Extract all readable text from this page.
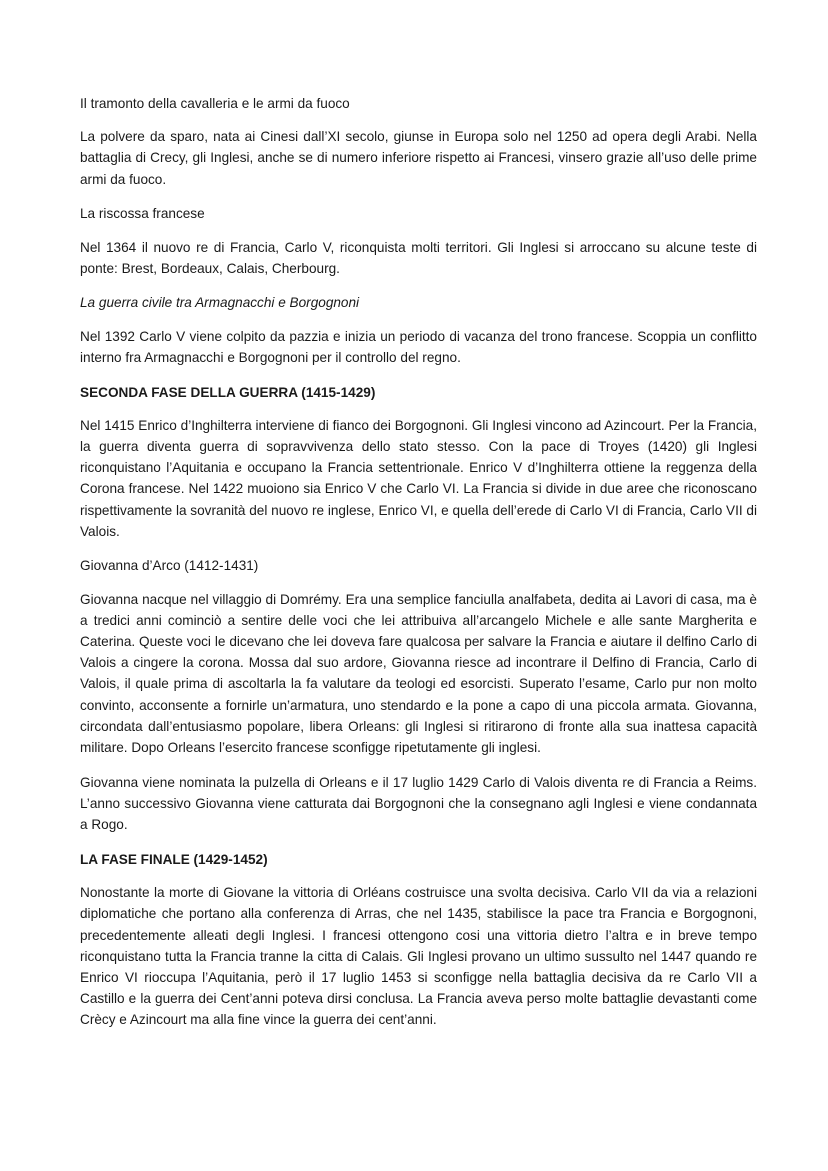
Il tramonto della cavalleria e le armi da fuoco

La polvere da sparo, nata ai Cinesi dall’XI secolo, giunse in Europa solo nel 1250 ad opera degli Arabi. Nella battaglia di Crecy, gli Inglesi, anche se di numero inferiore rispetto ai Francesi, vinsero grazie all’uso delle prime armi da fuoco.

La riscossa francese

Nel 1364 il nuovo re di Francia, Carlo V, riconquista molti territori. Gli Inglesi si arroccano su alcune teste di ponte: Brest, Bordeaux, Calais, Cherbourg.

La guerra civile tra Armagnacchi e Borgognoni

Nel 1392 Carlo V viene colpito da pazzia e inizia un periodo di vacanza del trono francese. Scoppia un conflitto interno fra Armagnacchi e Borgognoni per il controllo del regno.

SECONDA FASE DELLA GUERRA (1415-1429)

Nel 1415 Enrico d’Inghilterra interviene di fianco dei Borgognoni. Gli Inglesi vincono ad Azincourt. Per la Francia, la guerra diventa guerra di sopravvivenza dello stato stesso. Con la pace di Troyes (1420) gli Inglesi riconquistano l’Aquitania e occupano la Francia settentrionale. Enrico V d’Inghilterra ottiene la reggenza della Corona francese. Nel 1422 muoiono sia Enrico V che Carlo VI. La Francia si divide in due aree che riconoscano rispettivamente la sovranità del nuovo re inglese, Enrico VI, e quella dell’erede di Carlo VI di Francia, Carlo VII di Valois.

Giovanna d’Arco (1412-1431)

Giovanna nacque nel villaggio di Domrémy. Era una semplice fanciulla analfabeta, dedita ai Lavori di casa, ma è a tredici anni cominciò a sentire delle voci che lei attribuiva all’arcangelo Michele e alle sante Margherita e Caterina. Queste voci le dicevano che lei doveva fare qualcosa per salvare la Francia e aiutare il delfino Carlo di Valois a cingere la corona. Mossa dal suo ardore, Giovanna riesce ad incontrare il Delfino di Francia, Carlo di Valois, il quale prima di ascoltarla la fa valutare da teologi ed esorcisti. Superato l’esame, Carlo pur non molto convinto, acconsente a fornirle un’armatura, uno stendardo e la pone a capo di una piccola armata. Giovanna, circondata dall’entusiasmo popolare, libera Orleans: gli Inglesi si ritirarono di fronte alla sua inattesa capacità militare. Dopo Orleans l’esercito francese sconfigge ripetutamente gli inglesi.

Giovanna viene nominata la pulzella di Orleans e il 17 luglio 1429 Carlo di Valois diventa re di Francia a Reims. L’anno successivo Giovanna viene catturata dai Borgognoni che la consegnano agli Inglesi e viene condannata a Rogo.

LA FASE FINALE (1429-1452)

Nonostante la morte di Giovane la vittoria di Orléans costruisce una svolta decisiva. Carlo VII da via a relazioni diplomatiche che portano alla conferenza di Arras, che nel 1435, stabilisce la pace tra Francia e Borgognoni, precedentemente alleati degli Inglesi. I francesi ottengono cosi una vittoria dietro l’altra e in breve tempo riconquistano tutta la Francia tranne la citta di Calais. Gli Inglesi provano un ultimo sussulto nel 1447 quando re Enrico VI rioccupa l’Aquitania, però il 17 luglio 1453 si sconfigge nella battaglia decisiva da re Carlo VII a Castillo e la guerra dei Cent’anni poteva dirsi conclusa. La Francia aveva perso molte battaglie devastanti come Crècy e Azincourt ma alla fine vince la guerra dei cent’anni.
